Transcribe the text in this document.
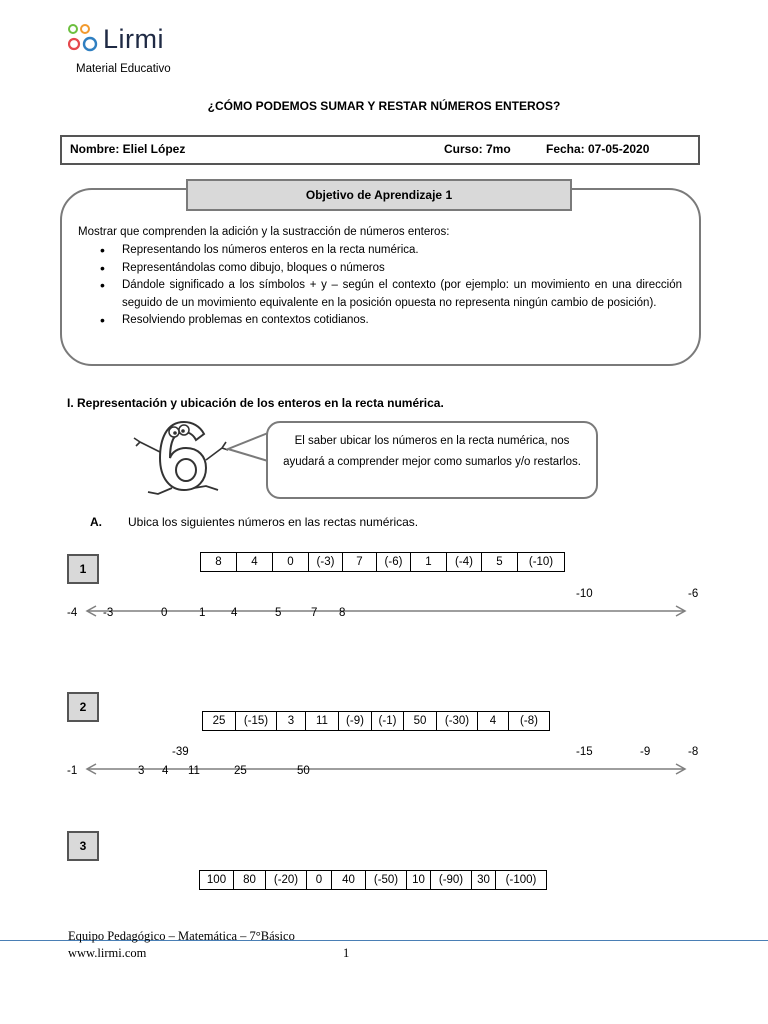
Lirmi
Material Educativo
¿CÓMO PODEMOS SUMAR Y RESTAR NÚMEROS ENTEROS?
Nombre: Eliel López	Curso: 7mo	Fecha: 07-05-2020
Objetivo de Aprendizaje 1
Mostrar que comprenden la adición y la sustracción de números enteros:
• Representando los números enteros en la recta numérica.
• Representándolas como dibujo, bloques o números
• Dándole significado a los símbolos + y – según el contexto (por ejemplo: un movimiento en una dirección seguido de un movimiento equivalente en la posición opuesta no representa ningún cambio de posición).
• Resolviendo problemas en contextos cotidianos.
I. Representación y ubicación de los enteros en la recta numérica.
El saber ubicar los números en la recta numérica, nos ayudará a comprender mejor como sumarlos y/o restarlos.
A. Ubica los siguientes números en las rectas numéricas.
1	8	4	0	(-3)	7	(-6)	1	(-4)	5	(-10)
-10	-6
-4 -3	0	1 4	5	7 8
2
25	(-15)	3	11	(-9)	(-1)	50	(-30)	4	(-8)
-39	-15	-9	-8
-1	3 4 11	25	50
3
100	80	(-20)	0	40	(-50)	10	(-90)	30	(-100)
Equipo Pedagógico – Matemática – 7°Básico
www.lirmi.com	1
